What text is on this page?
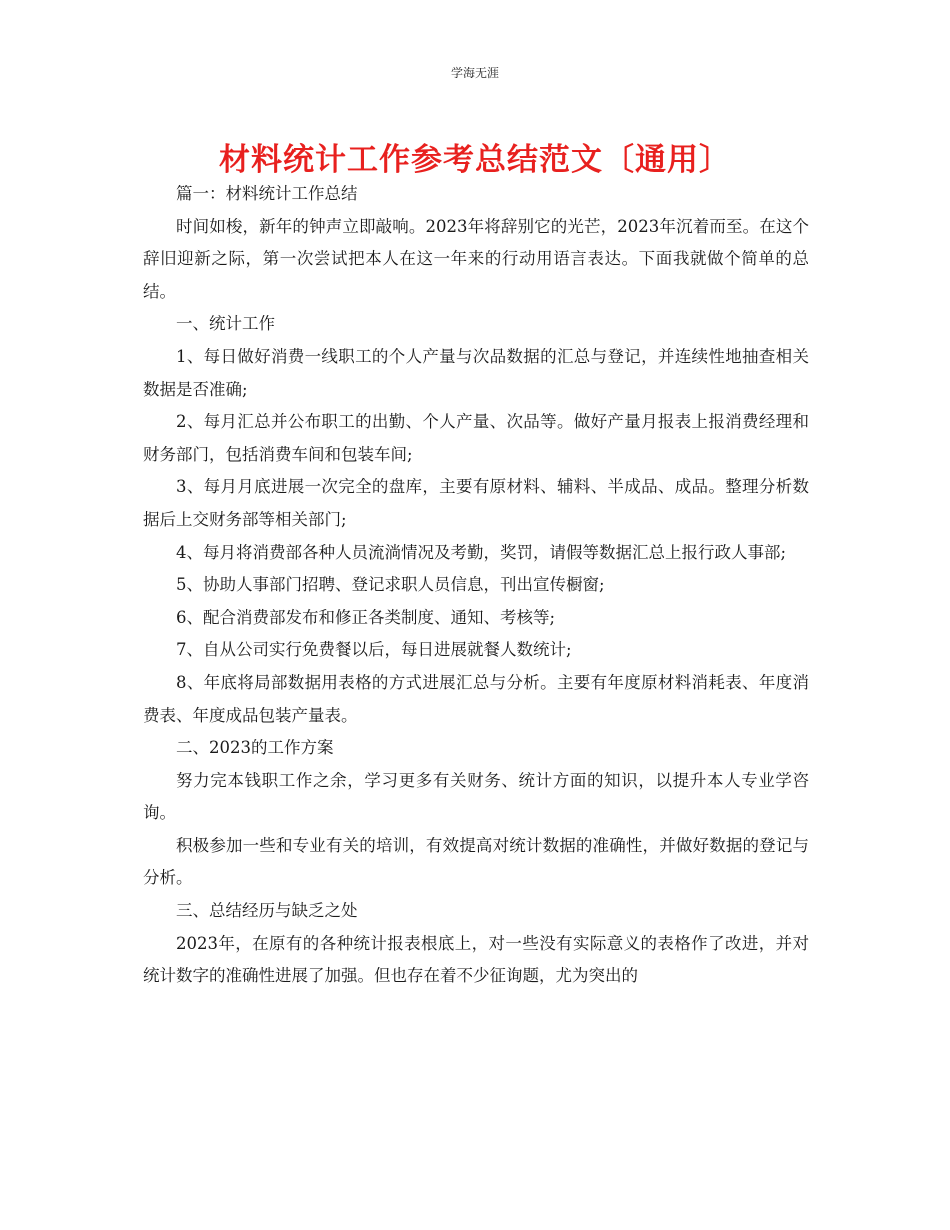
学海无涯
材料统计工作参考总结范文〔通用〕

篇一：材料统计工作总结

时间如梭，新年的钟声立即敲响。2023年将辞别它的光芒，2023年沉着而至。在这个辞旧迎新之际，第一次尝试把本人在这一年来的行动用语言表达。下面我就做个简单的总结。

一、统计工作

1、每日做好消费一线职工的个人产量与次品数据的汇总与登记，并连续性地抽查相关数据是否准确;

2、每月汇总并公布职工的出勤、个人产量、次品等。做好产量月报表上报消费经理和财务部门，包括消费车间和包装车间;

3、每月月底进展一次完全的盘库，主要有原材料、辅料、半成品、成品。整理分析数据后上交财务部等相关部门;

4、每月将消费部各种人员流淌情况及考勤，奖罚，请假等数据汇总上报行政人事部;

5、协助人事部门招聘、登记求职人员信息，刊出宣传橱窗;

6、配合消费部发布和修正各类制度、通知、考核等;

7、自从公司实行免费餐以后，每日进展就餐人数统计;

8、年底将局部数据用表格的方式进展汇总与分析。主要有年度原材料消耗表、年度消费表、年度成品包装产量表。

二、2023的工作方案

努力完本钱职工作之余，学习更多有关财务、统计方面的知识，以提升本人专业学咨询。

积极参加一些和专业有关的培训，有效提高对统计数据的准确性，并做好数据的登记与分析。

三、总结经历与缺乏之处

2023年，在原有的各种统计报表根底上，对一些没有实际意义的表格作了改进，并对统计数字的准确性进展了加强。但也存在着不少征询题，尤为突出的
